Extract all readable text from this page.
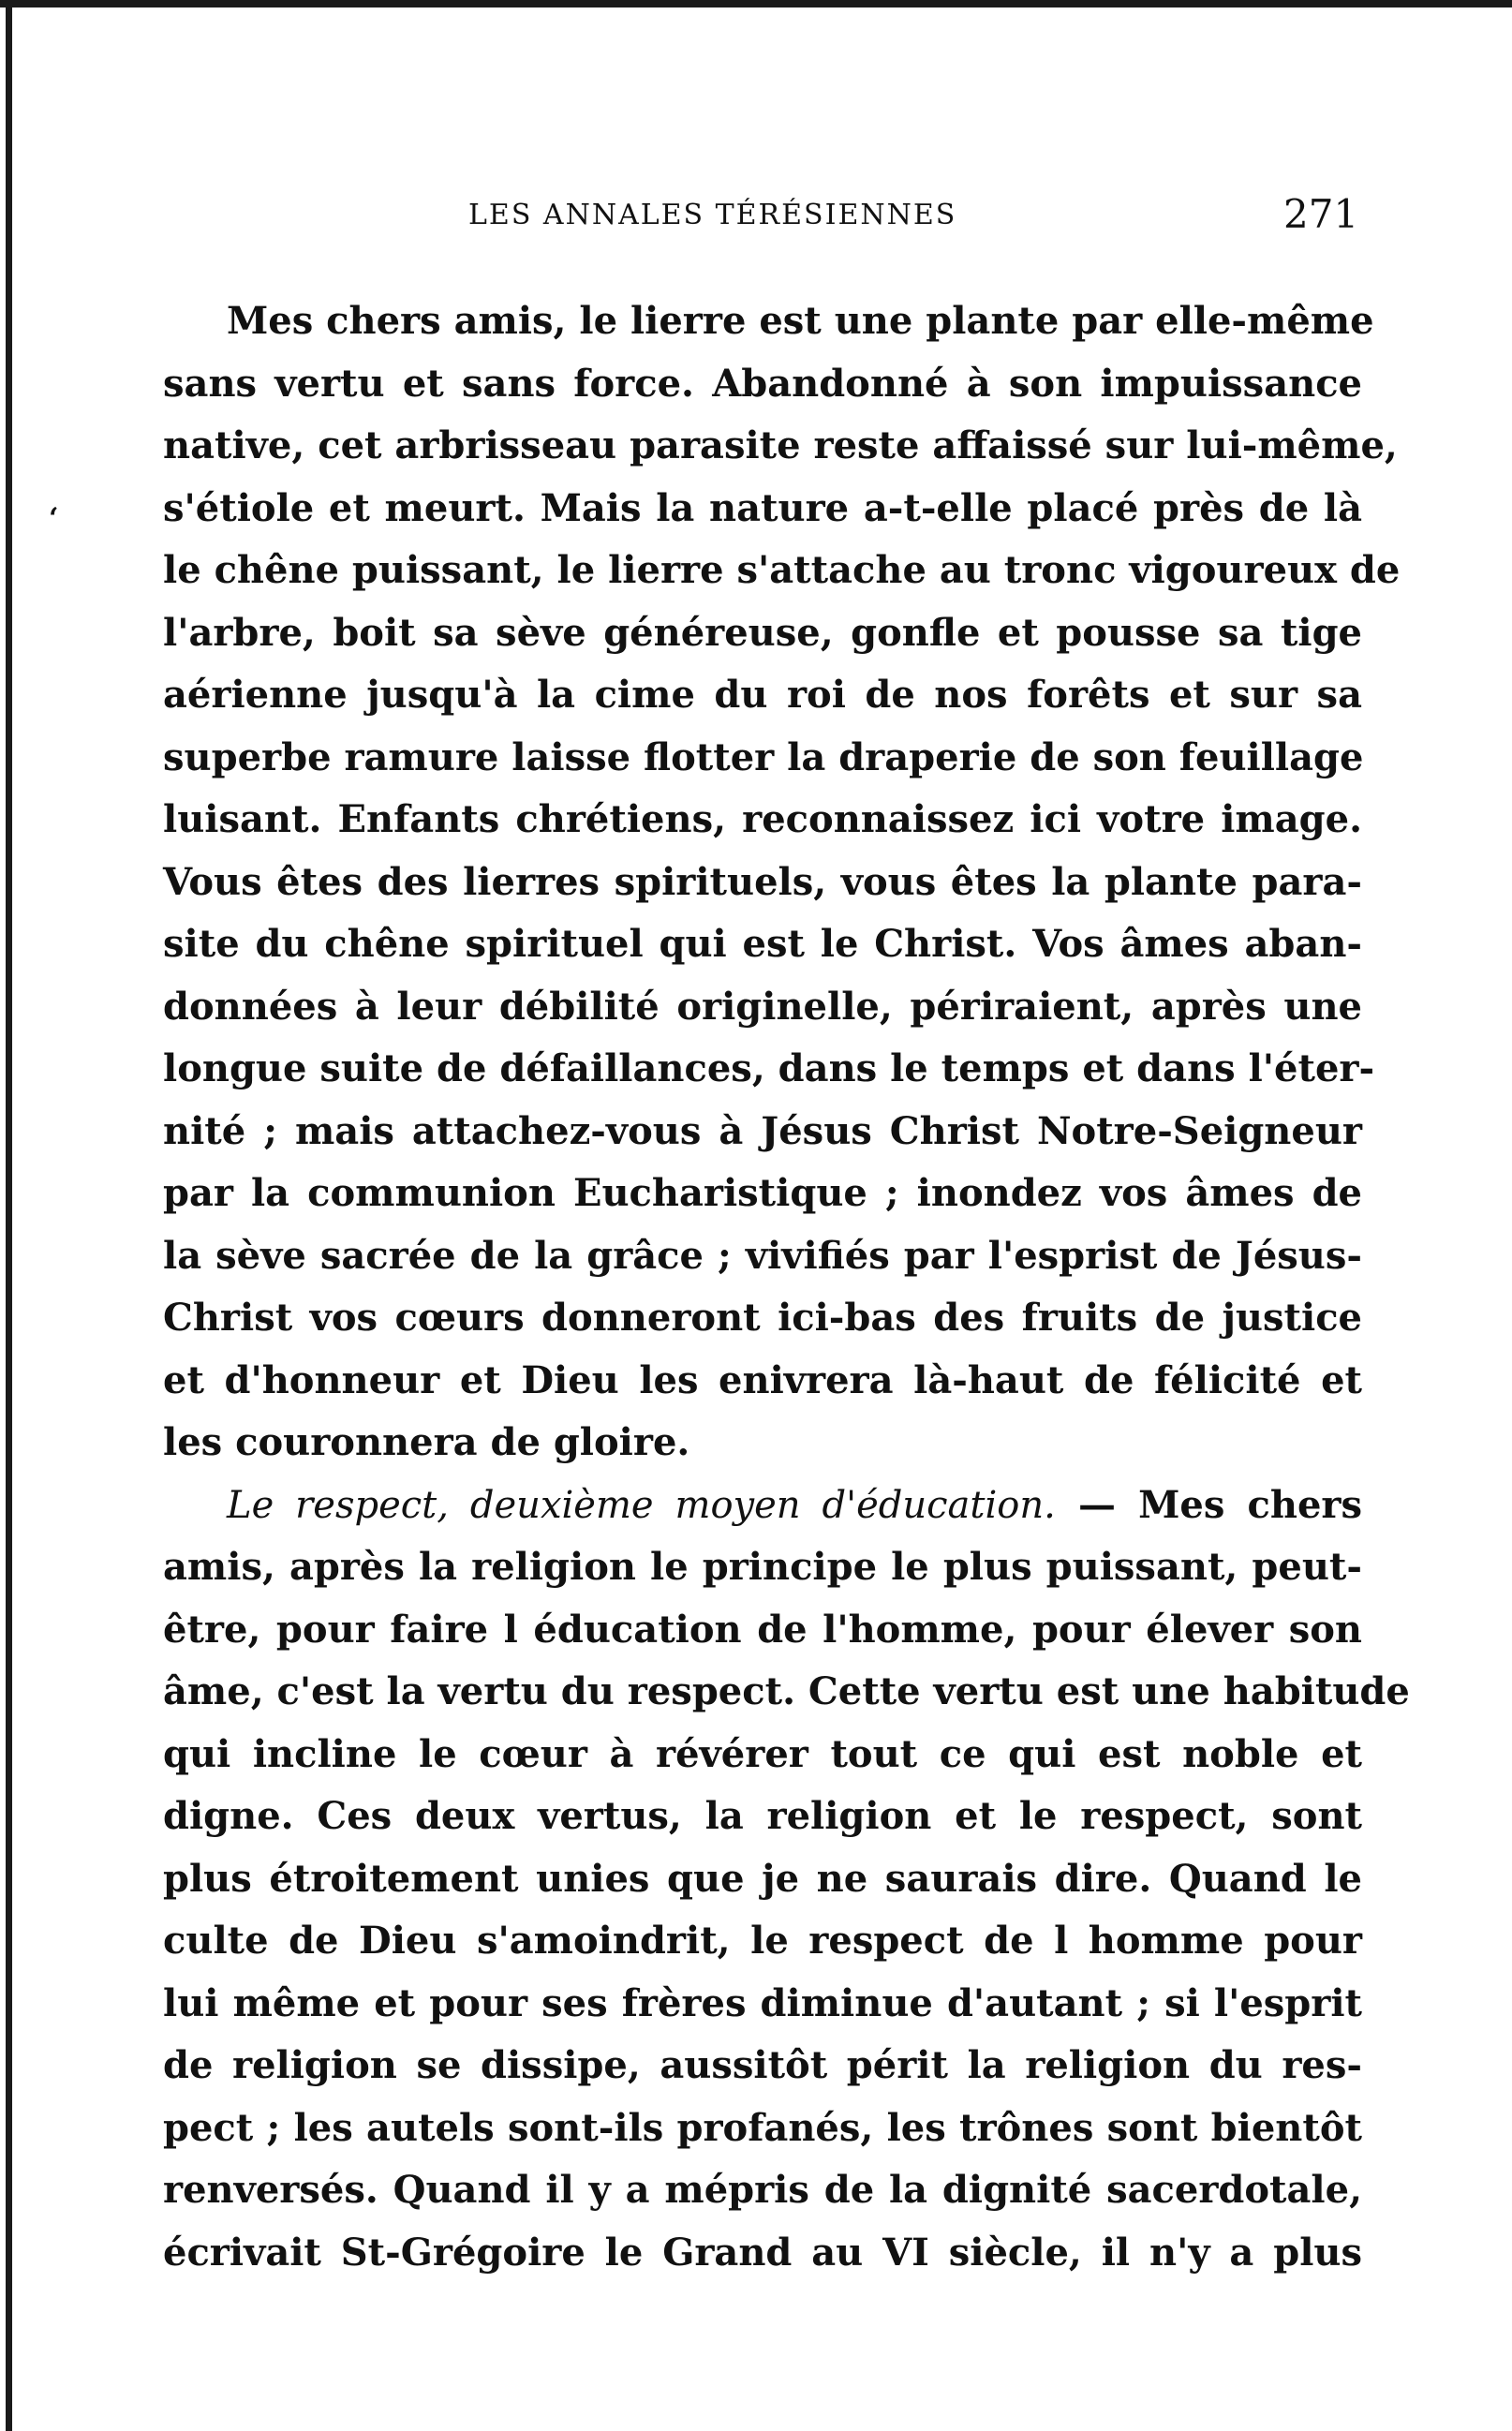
LES ANNALES TÉRÉSIENNES	271
ʻ
Mes chers amis, le lierre est une plante par elle-même
sans vertu et sans force. Abandonné à son impuissance
native, cet arbrisseau parasite reste affaissé sur lui-même,
s'étiole et meurt. Mais la nature a-t-elle placé près de là
le chêne puissant, le lierre s'attache au tronc vigoureux de
l'arbre, boit sa sève généreuse, gonfle et pousse sa tige
aérienne jusqu'à la cime du roi de nos forêts et sur sa
superbe ramure laisse flotter la draperie de son feuillage
luisant. Enfants chrétiens, reconnaissez ici votre image.
Vous êtes des lierres spirituels, vous êtes la plante para-
site du chêne spirituel qui est le Christ. Vos âmes aban-
données à leur débilité originelle, périraient, après une
longue suite de défaillances, dans le temps et dans l'éter-
nité ; mais attachez-vous à Jésus Christ Notre-Seigneur
par la communion Eucharistique ; inondez vos âmes de
la sève sacrée de la grâce ; vivifiés par l'esprist de Jésus-
Christ vos cœurs donneront ici-bas des fruits de justice
et d'honneur et Dieu les enivrera là-haut de félicité et
les couronnera de gloire.
Le respect, deuxième moyen d'éducation. — Mes chers
amis, après la religion le principe le plus puissant, peut-
être, pour faire l éducation de l'homme, pour élever son
âme, c'est la vertu du respect. Cette vertu est une habitude
qui incline le cœur à révérer tout ce qui est noble et
digne. Ces deux vertus, la religion et le respect, sont
plus étroitement unies que je ne saurais dire. Quand le
culte de Dieu s'amoindrit, le respect de l homme pour
lui même et pour ses frères diminue d'autant ; si l'esprit
de religion se dissipe, aussitôt périt la religion du res-
pect ; les autels sont-ils profanés, les trônes sont bientôt
renversés. Quand il y a mépris de la dignité sacerdotale,
écrivait St-Grégoire le Grand au VI siècle, il n'y a plus
